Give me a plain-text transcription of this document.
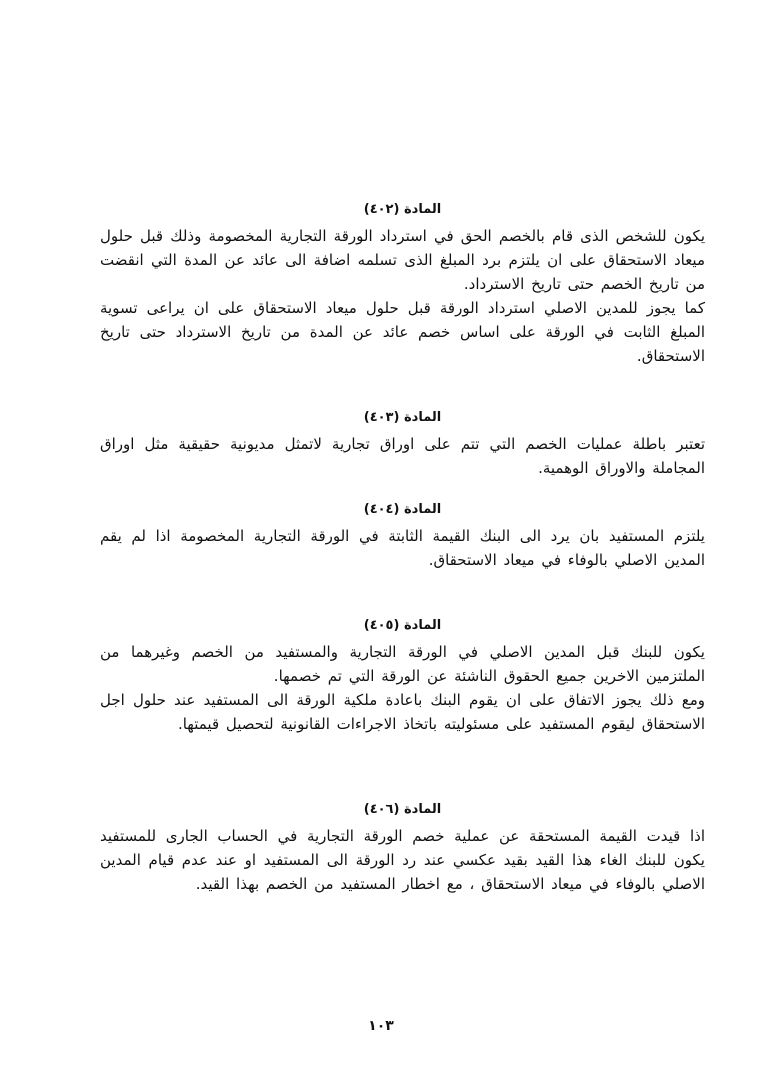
المادة (٤٠٢)

يكون للشخص الذى قام بالخصم الحق في استرداد الورقة التجارية المخصومة وذلك قبل حلول ميعاد الاستحقاق على ان يلتزم برد المبلغ الذى تسلمه اضافة الى عائد عن المدة التي انقضت من تاريخ الخصم حتى تاريخ الاسترداد.

كما يجوز للمدين الاصلي استرداد الورقة قبل حلول ميعاد الاستحقاق على ان يراعى تسوية المبلغ الثابت في الورقة على اساس خصم عائد عن المدة من تاريخ الاسترداد حتى تاريخ الاستحقاق.

المادة (٤٠٣)

تعتبر باطلة عمليات الخصم التي تتم على اوراق تجارية لاتمثل مديونية حقيقية مثل اوراق المجاملة والاوراق الوهمية.

المادة (٤٠٤)

يلتزم المستفيد بان يرد الى البنك القيمة الثابتة في الورقة التجارية المخصومة اذا لم يقم المدين الاصلي بالوفاء في ميعاد الاستحقاق.

المادة (٤٠٥)

يكون للبنك قبل المدين الاصلي في الورقة التجارية والمستفيد من الخصم وغيرهما من الملتزمين الاخرين جميع الحقوق الناشئة عن الورقة التي تم خصمها.

ومع ذلك يجوز الاتفاق على ان يقوم البنك باعادة ملكية الورقة الى المستفيد عند حلول اجل الاستحقاق ليقوم المستفيد على مسئوليته باتخاذ الاجراءات القانونية لتحصيل قيمتها.

المادة (٤٠٦)

اذا قيدت القيمة المستحقة عن عملية خصم الورقة التجارية في الحساب الجارى للمستفيد يكون للبنك الغاء هذا القيد بقيد عكسي عند رد الورقة الى المستفيد او عند عدم قيام المدين الاصلي بالوفاء في ميعاد الاستحقاق ، مع اخطار المستفيد من الخصم بهذا القيد.

١٠٣
